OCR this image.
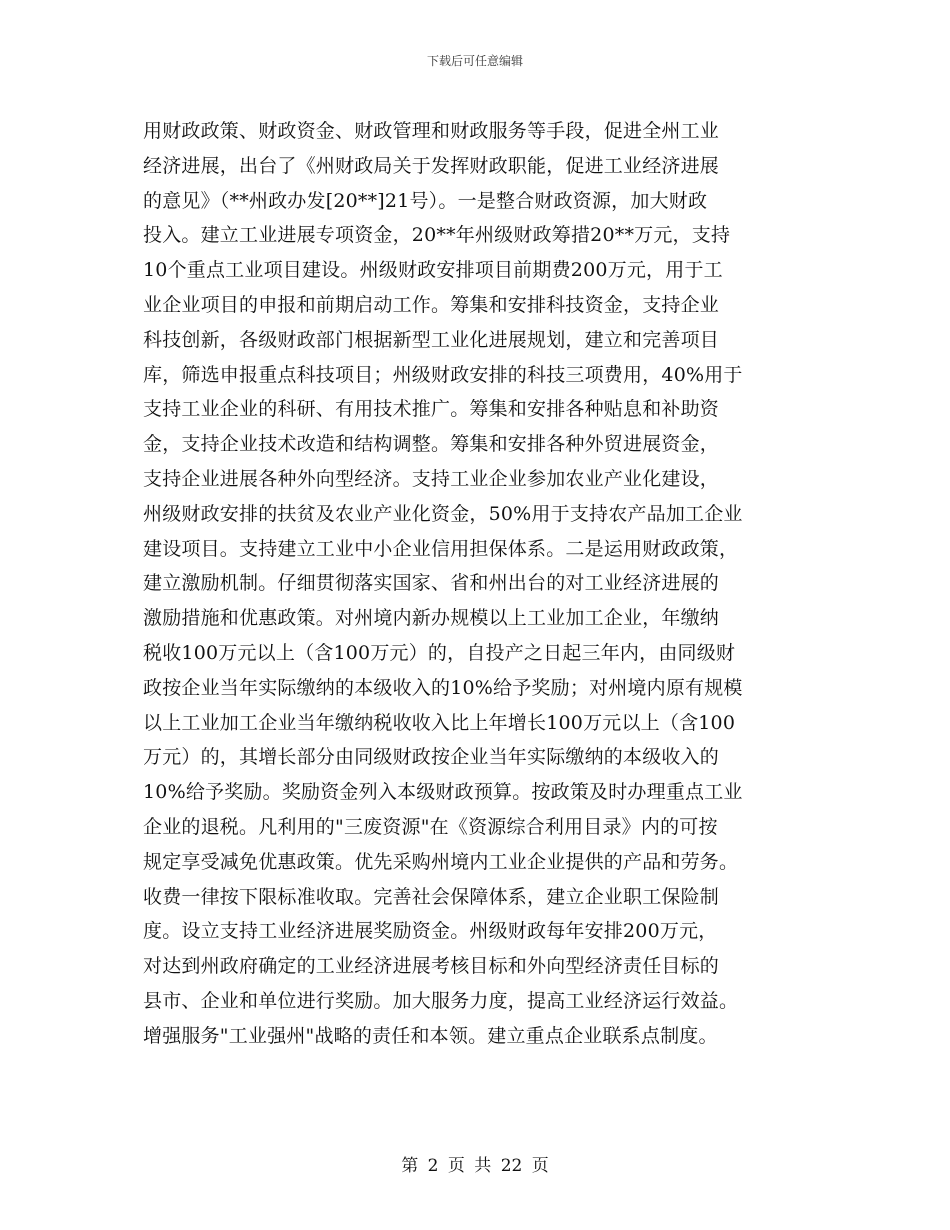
下载后可任意编辑
用财政政策、财政资金、财政管理和财政服务等手段，促进全州工业
经济进展，出台了《州财政局关于发挥财政职能，促进工业经济进展
的意见》（**州政办发[20**]21号）。一是整合财政资源，加大财政
投入。建立工业进展专项资金，20**年州级财政筹措20**万元，支持
10个重点工业项目建设。州级财政安排项目前期费200万元，用于工
业企业项目的申报和前期启动工作。筹集和安排科技资金，支持企业
科技创新，各级财政部门根据新型工业化进展规划，建立和完善项目
库，筛选申报重点科技项目；州级财政安排的科技三项费用，40%用于
支持工业企业的科研、有用技术推广。筹集和安排各种贴息和补助资
金，支持企业技术改造和结构调整。筹集和安排各种外贸进展资金，
支持企业进展各种外向型经济。支持工业企业参加农业产业化建设，
州级财政安排的扶贫及农业产业化资金，50%用于支持农产品加工企业
建设项目。支持建立工业中小企业信用担保体系。二是运用财政政策，
建立激励机制。仔细贯彻落实国家、省和州出台的对工业经济进展的
激励措施和优惠政策。对州境内新办规模以上工业加工企业，年缴纳
税收100万元以上（含100万元）的，自投产之日起三年内，由同级财
政按企业当年实际缴纳的本级收入的10%给予奖励；对州境内原有规模
以上工业加工企业当年缴纳税收收入比上年增长100万元以上（含100
万元）的，其增长部分由同级财政按企业当年实际缴纳的本级收入的
10%给予奖励。奖励资金列入本级财政预算。按政策及时办理重点工业
企业的退税。凡利用的"三废资源"在《资源综合利用目录》内的可按
规定享受减免优惠政策。优先采购州境内工业企业提供的产品和劳务。
收费一律按下限标准收取。完善社会保障体系，建立企业职工保险制
度。设立支持工业经济进展奖励资金。州级财政每年安排200万元，
对达到州政府确定的工业经济进展考核目标和外向型经济责任目标的
县市、企业和单位进行奖励。加大服务力度，提高工业经济运行效益。
增强服务"工业强州"战略的责任和本领。建立重点企业联系点制度。
第 2 页 共 22 页
